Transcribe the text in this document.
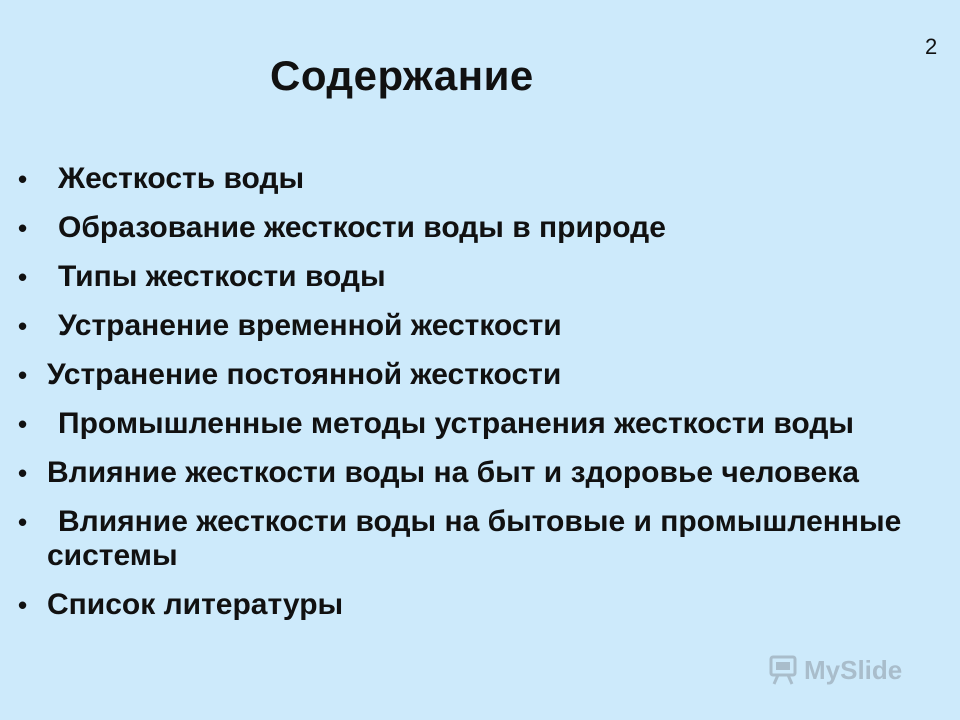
2
Содержание
• Жесткость воды
• Образование жесткости воды в природе
• Типы жесткости воды
• Устранение временной жесткости
• Устранение постоянной жесткости
• Промышленные методы устранения жесткости воды
• Влияние жесткости воды на быт и здоровье человека
• Влияние жесткости воды на бытовые и промышленные системы
• Список литературы
MySlide
